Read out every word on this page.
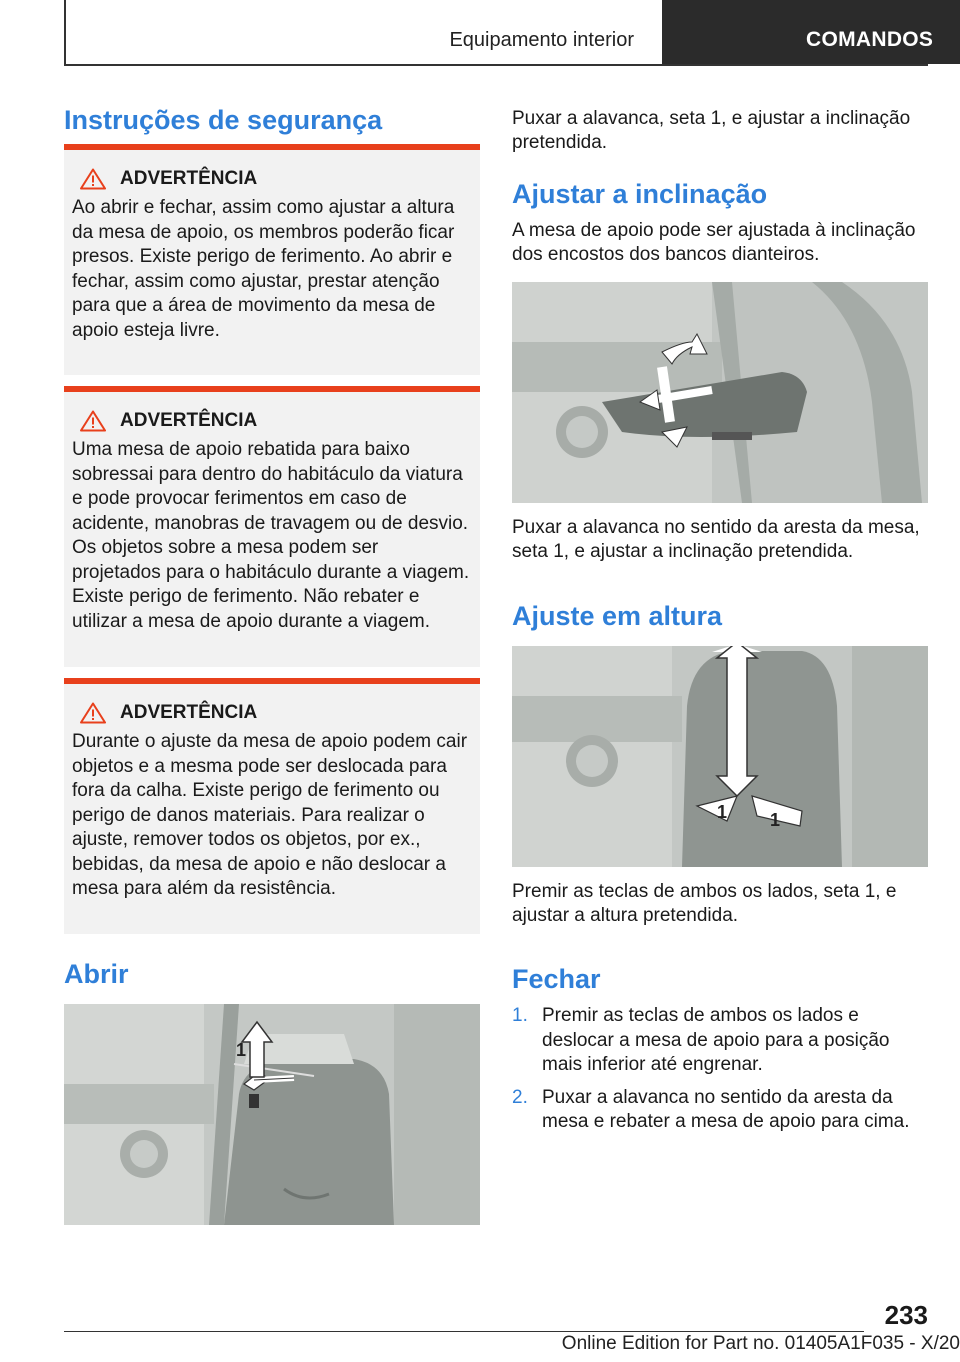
Equipamento interior	COMANDOS
Instruções de segurança
ADVERTÊNCIA
Ao abrir e fechar, assim como ajustar a altura da mesa de apoio, os membros poderão ficar presos. Existe perigo de ferimento. Ao abrir e fechar, assim como ajustar, prestar atenção para que a área de movimento da mesa de apoio esteja livre.
ADVERTÊNCIA
Uma mesa de apoio rebatida para baixo sobressai para dentro do habitáculo da viatura e pode provocar ferimentos em caso de acidente, manobras de travagem ou de desvio. Os objetos sobre a mesa podem ser projetados para o habitáculo durante a viagem. Existe perigo de ferimento. Não rebater e utilizar a mesa de apoio durante a viagem.
ADVERTÊNCIA
Durante o ajuste da mesa de apoio podem cair objetos e a mesma pode ser deslocada para fora da calha. Existe perigo de ferimento ou perigo de danos materiais. Para realizar o ajuste, remover todos os objetos, por ex., bebidas, da mesa de apoio e não deslocar a mesa para além da resistência.
Abrir
1

Puxar a alavanca, seta 1, e ajustar a inclinação pretendida.

Ajustar a inclinação

A mesa de apoio pode ser ajustada à inclinação dos encostos dos bancos dianteiros.

Puxar a alavanca no sentido da aresta da mesa, seta 1, e ajustar a inclinação pretendida.

Ajuste em altura
1 1

Premir as teclas de ambos os lados, seta 1, e ajustar a altura pretendida.

Fechar
1. Premir as teclas de ambos os lados e deslocar a mesa de apoio para a posição mais inferior até engrenar.
2. Puxar a alavanca no sentido da aresta da mesa e rebater a mesa de apoio para cima.
233
Online Edition for Part no. 01405A1F035 - X/20
